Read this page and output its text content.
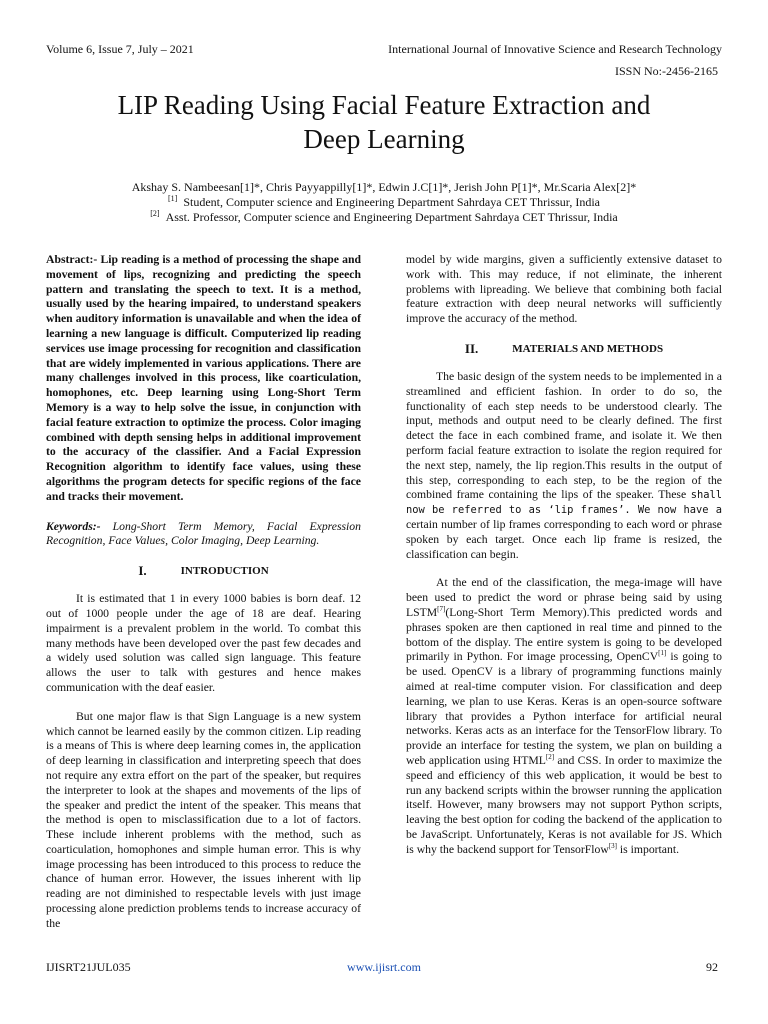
Volume 6, Issue 7, July – 2021	International Journal of Innovative Science and Research Technology
ISSN No:-2456-2165
LIP Reading Using Facial Feature Extraction and
Deep Learning
Akshay S. Nambeesan[1]*, Chris Payyappilly[1]*, Edwin J.C[1]*, Jerish John P[1]*, Mr.Scaria Alex[2]*
[1] Student, Computer science and Engineering Department Sahrdaya CET Thrissur, India
[2] Asst. Professor, Computer science and Engineering Department Sahrdaya CET Thrissur, India

Abstract:- Lip reading is a method of processing the shape and movement of lips, recognizing and predicting the speech pattern and translating the speech to text. It is a method, usually used by the hearing impaired, to understand speakers when auditory information is unavailable and when the idea of learning a new language is difficult. Computerized lip reading services use image processing for recognition and classification that are widely implemented in various applications. There are many challenges involved in this process, like coarticulation, homophones, etc. Deep learning using Long-Short Term Memory is a way to help solve the issue, in conjunction with facial feature extraction to optimize the process. Color imaging combined with depth sensing helps in additional improvement to the accuracy of the classifier. And a Facial Expression Recognition algorithm to identify face values, using these algorithms the program detects for specific regions of the face and tracks their movement.

Keywords:- Long-Short Term Memory, Facial Expression Recognition, Face Values, Color Imaging, Deep Learning.

I.	INTRODUCTION

It is estimated that 1 in every 1000 babies is born deaf. 12 out of 1000 people under the age of 18 are deaf. Hearing impairment is a prevalent problem in the world. To combat this many methods have been developed over the past few decades and a widely used solution was called sign language. This feature allows the user to talk with gestures and hence makes communication with the deaf easier.

But one major flaw is that Sign Language is a new system which cannot be learned easily by the common citizen. Lip reading is a means of This is where deep learning comes in, the application of deep learning in classification and interpreting speech that does not require any extra effort on the part of the speaker, but requires the interpreter to look at the shapes and movements of the lips of the speaker and predict the intent of the speaker. This means that the method is open to misclassification due to a lot of factors. These include inherent problems with the method, such as coarticulation, homophones and simple human error. This is why image processing has been introduced to this process to reduce the chance of human error. However, the issues inherent with lip reading are not diminished to respectable levels with just image processing alone prediction problems tends to increase accuracy of the

model by wide margins, given a sufficiently extensive dataset to work with. This may reduce, if not eliminate, the inherent problems with lipreading. We believe that combining both facial feature extraction with deep neural networks will sufficiently improve the accuracy of the method.

II.	MATERIALS AND METHODS

The basic design of the system needs to be implemented in a streamlined and efficient fashion. In order to do so, the functionality of each step needs to be understood clearly. The input, methods and output need to be clearly defined. The first detect the face in each combined frame, and isolate it. We then perform facial feature extraction to isolate the region required for the next step, namely, the lip region.This results in the output of this step, corresponding to each step, to be the region of the combined frame containing the lips of the speaker. These shall now be referred to as ‘lip frames’. We now have a certain number of lip frames corresponding to each word or phrase spoken by each target. Once each lip frame is resized, the classification can begin.

At the end of the classification, the mega-image will have been used to predict the word or phrase being said by using LSTM[7](Long-Short Term Memory).This predicted words and phrases spoken are then captioned in real time and pinned to the bottom of the display. The entire system is going to be developed primarily in Python. For image processing, OpenCV[1] is going to be used. OpenCV is a library of programming functions mainly aimed at real-time computer vision. For classification and deep learning, we plan to use Keras. Keras is an open-source software library that provides a Python interface for artificial neural networks. Keras acts as an interface for the TensorFlow library. To provide an interface for testing the system, we plan on building a web application using HTML[2] and CSS. In order to maximize the speed and efficiency of this web application, it would be best to run any backend scripts within the browser running the application itself. However, many browsers may not support Python scripts, leaving the best option for coding the backend of the application to be JavaScript. Unfortunately, Keras is not available for JS. Which is why the backend support for TensorFlow[3] is important.

IJISRT21JUL035	www.ijisrt.com	92
